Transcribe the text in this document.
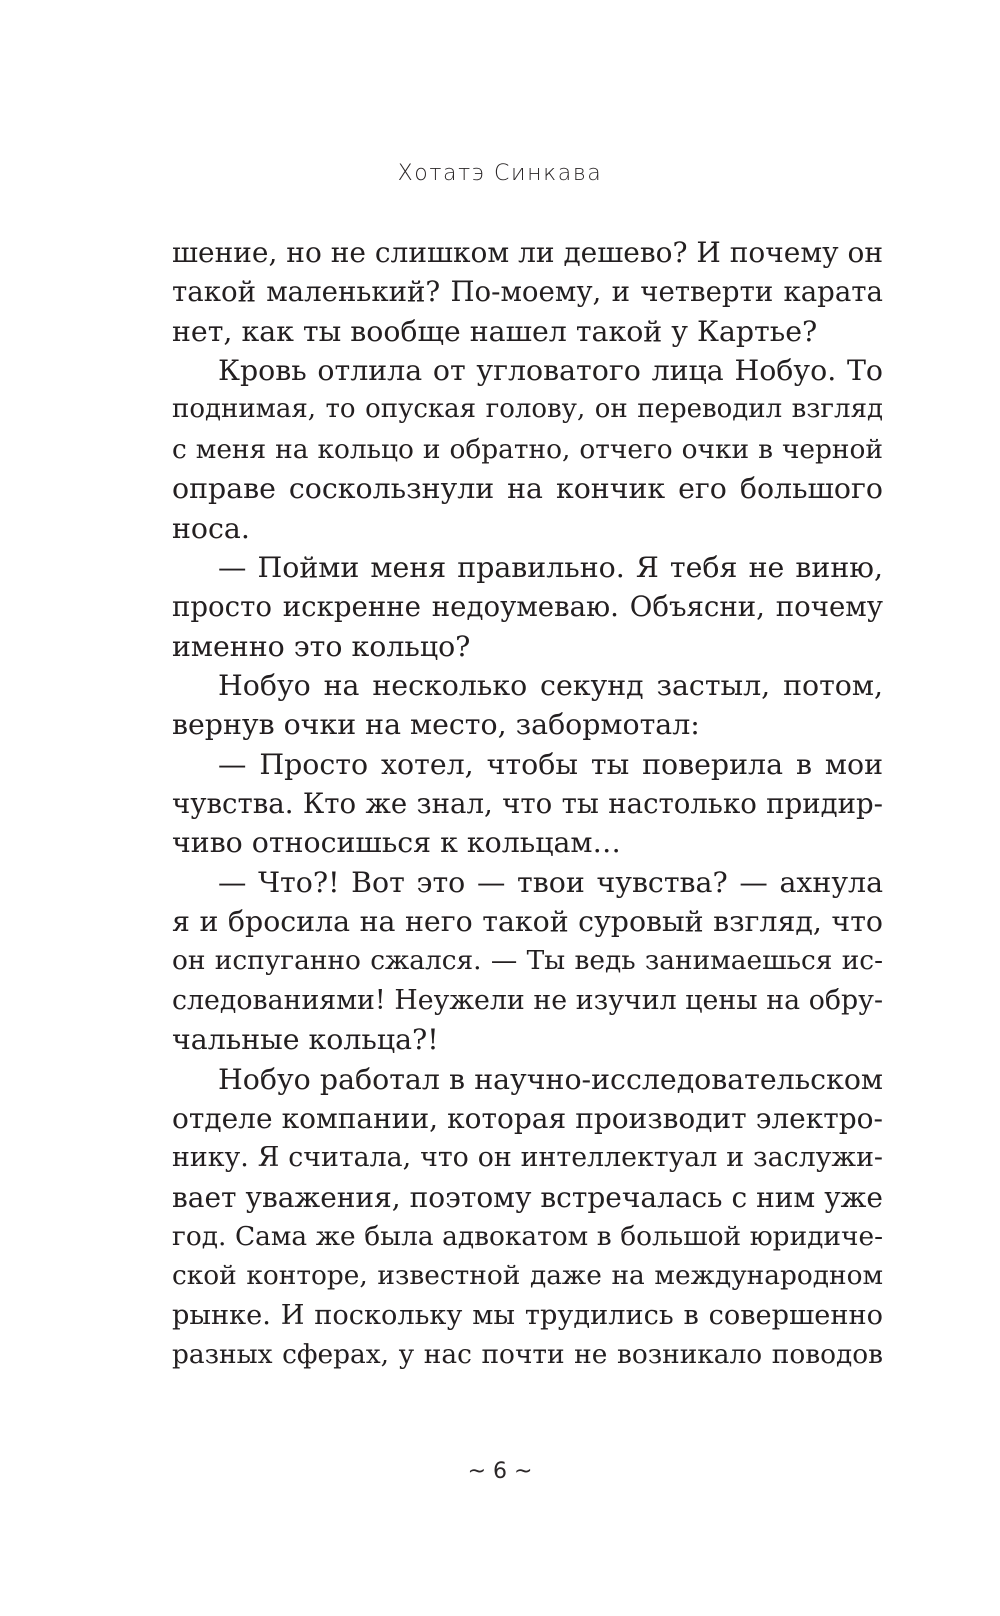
Хотатэ Синкава
шение, но не слишком ли дешево? И почему он
такой маленький? По-моему, и четверти карата
нет, как ты вообще нашел такой у Картье?
Кровь отлила от угловатого лица Нобуо. То
поднимая, то опуская голову, он переводил взгляд
с меня на кольцо и обратно, отчего очки в черной
оправе соскользнули на кончик его большого
носа.
— Пойми меня правильно. Я тебя не виню,
просто искренне недоумеваю. Объясни, почему
именно это кольцо?
Нобуо на несколько секунд застыл, потом,
вернув очки на место, забормотал:
— Просто хотел, чтобы ты поверила в мои
чувства. Кто же знал, что ты настолько придир-
чиво относишься к кольцам…
— Что?! Вот это — твои чувства? — ахнула
я и бросила на него такой суровый взгляд, что
он испуганно сжался. — Ты ведь занимаешься ис-
следованиями! Неужели не изучил цены на обру-
чальные кольца?!
Нобуо работал в научно-исследовательском
отделе компании, которая производит электро-
нику. Я считала, что он интеллектуал и заслужи-
вает уважения, поэтому встречалась с ним уже
год. Сама же была адвокатом в большой юридиче-
ской конторе, известной даже на международном
рынке. И поскольку мы трудились в совершенно
разных сферах, у нас почти не возникало поводов
~ 6 ~
